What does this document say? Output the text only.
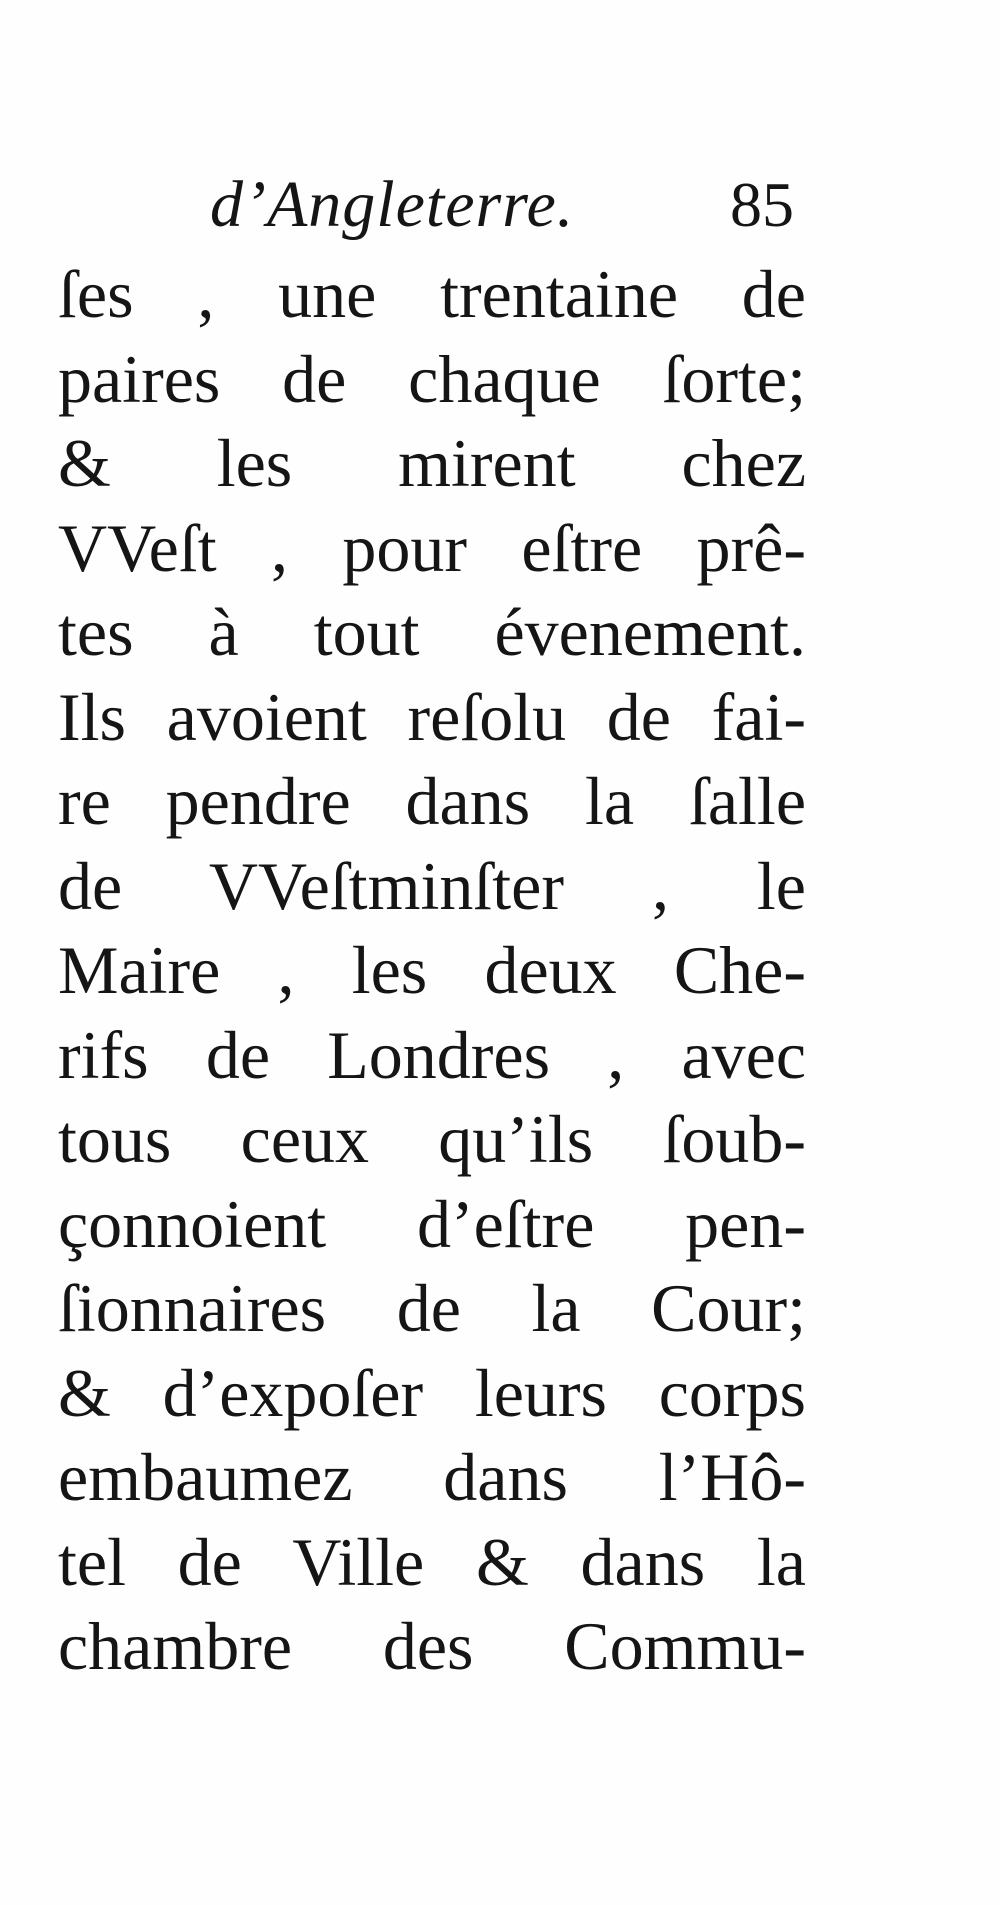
d’Angleterre. 85
ſes , une trentaine de
paires de chaque ſorte;
& les mirent chez
VVeſt , pour eſtre prê-
tes à tout évenement.
Ils avoient reſolu de fai-
re pendre dans la ſalle
de VVeſtminſter , le
Maire , les deux Che-
rifs de Londres , avec
tous ceux qu’ils ſoub-
çonnoient d’eſtre pen-
ſionnaires de la Cour;
& d’expoſer leurs corps
embaumez dans l’Hô-
tel de Ville & dans la
chambre des Commu-
